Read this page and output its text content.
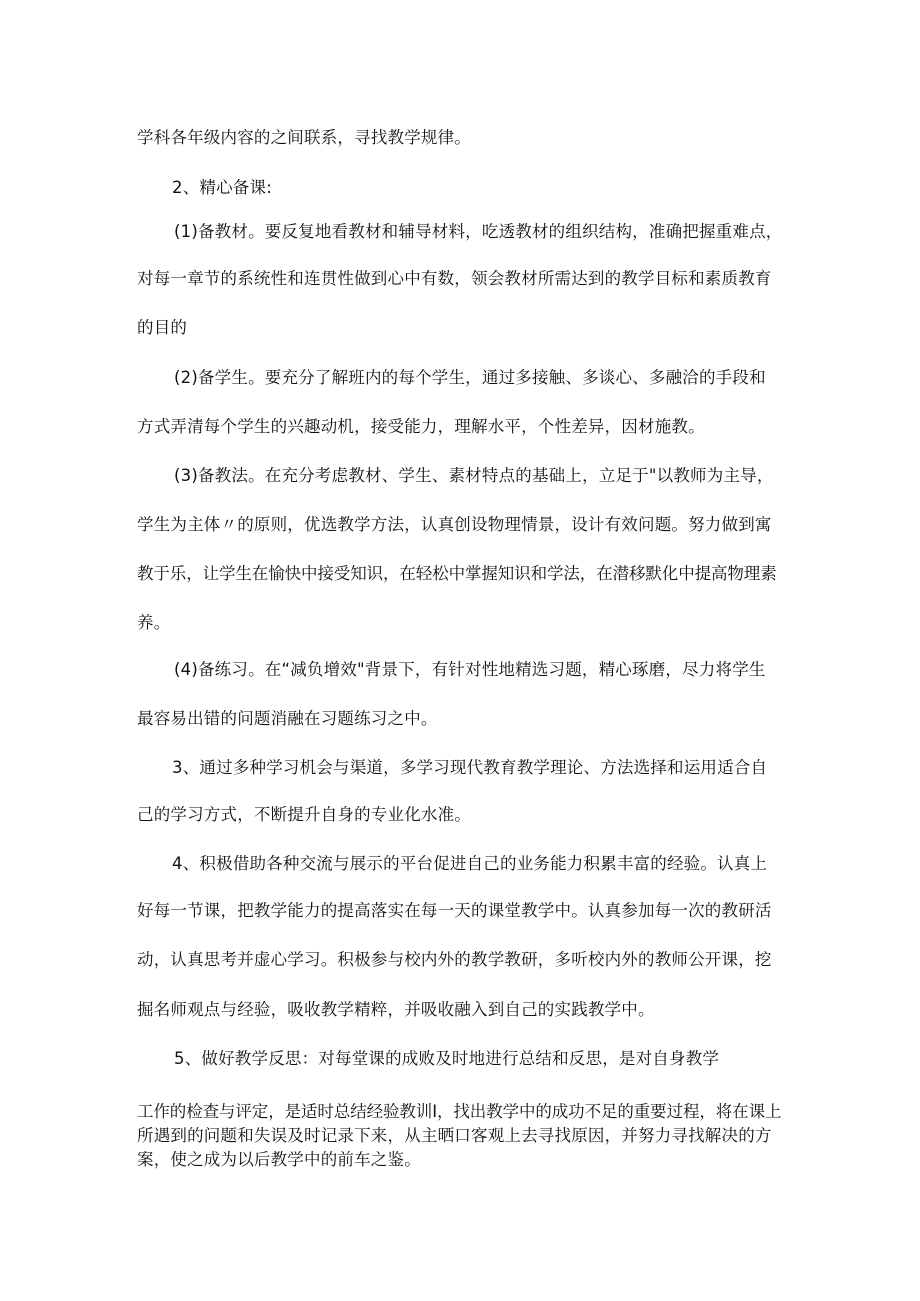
学科各年级内容的之间联系，寻找教学规律。

2、精心备课:

(1)备教材。要反复地看教材和辅导材料，吃透教材的组织结构，准确把握重难点，

对每一章节的系统性和连贯性做到心中有数，领会教材所需达到的教学目标和素质教育

的目的

(2)备学生。要充分了解班内的每个学生，通过多接触、多谈心、多融洽的手段和

方式弄清每个学生的兴趣动机，接受能力，理解水平，个性差异，因材施教。

(3)备教法。在充分考虑教材、学生、素材特点的基础上，立足于"以教师为主导，

学生为主体〃的原则，优选教学方法，认真创设物理情景，设计有效问题。努力做到寓

教于乐，让学生在愉快中接受知识，在轻松中掌握知识和学法，在潜移默化中提高物理素

养。

(4)备练习。在“减负增效"背景下，有针对性地精选习题，精心琢磨，尽力将学生

最容易出错的问题消融在习题练习之中。

3、通过多种学习机会与渠道，多学习现代教育教学理论、方法选择和运用适合自

己的学习方式，不断提升自身的专业化水准。

4、积极借助各种交流与展示的平台促进自己的业务能力积累丰富的经验。认真上

好每一节课，把教学能力的提高落实在每一天的课堂教学中。认真参加每一次的教研活

动，认真思考并虚心学习。积极参与校内外的教学教研，多听校内外的教师公开课，挖

掘名师观点与经验，吸收教学精粹，并吸收融入到自己的实践教学中。

5、做好教学反思：对每堂课的成败及时地进行总结和反思，是对自身教学

工作的检查与评定，是适时总结经验教训Ⅰ，找出教学中的成功不足的重要过程，将在课上

所遇到的问题和失误及时记录下来，从主晒口客观上去寻找原因，并努力寻找解决的方

案，使之成为以后教学中的前车之鉴。
